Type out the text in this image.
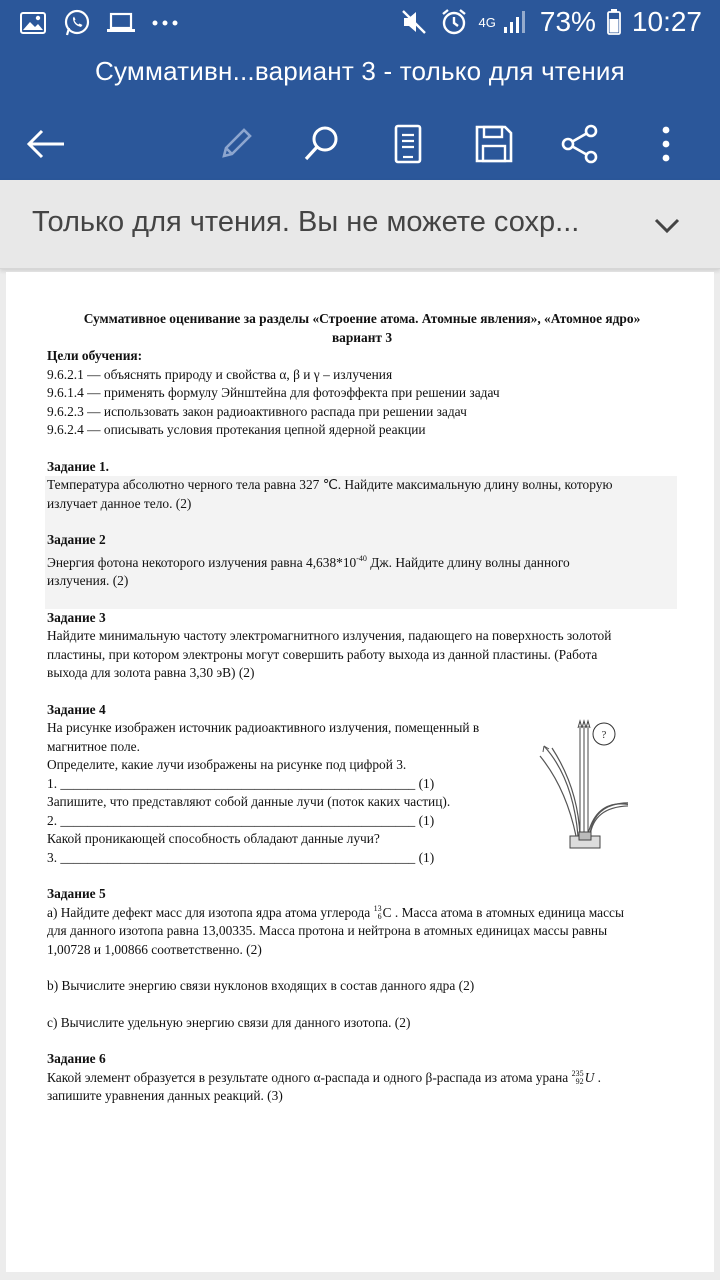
4G 73% 10:27
Суммативн...вариант 3 - только для чтения
Только для чтения. Вы не можете сохр...
Суммативное оценивание за разделы «Строение атома. Атомные явления», «Атомное ядро»
вариант 3
Цели обучения:
9.6.2.1 — объяснять природу и свойства α, β и γ – излучения
9.6.1.4 — применять формулу Эйнштейна для фотоэффекта при решении задач
9.6.2.3 — использовать закон радиоактивного распада при решении задач
9.6.2.4 — описывать условия протекания цепной ядерной реакции
Задание 1.
Температура абсолютно черного тела равна 327 ℃. Найдите максимальную длину волны, которую
излучает данное тело. (2)
Задание 2
Энергия фотона некоторого излучения равна $4,638*10^{-40}$ Дж. Найдите длину волны данного
излучения. (2)
Задание 3
Найдите минимальную частоту электромагнитного излучения, падающего на поверхность золотой
пластины, при котором электроны могут совершить работу выхода из данной пластины. (Работа
выхода для золота равна 3,30 эВ) (2)
Задание 4
На рисунке изображен источник радиоактивного излучения, помещенный в
магнитное поле.
Определите, какие лучи изображены на рисунке под цифрой 3.
1. _____________________________________________________ (1)
Запишите, что представляют собой данные лучи (поток каких частиц).
2. _____________________________________________________ (1)
Какой проникающей способность обладают данные лучи?
3. _____________________________________________________ (1)
Задание 5
a) Найдите дефект масс для изотопа ядра атома углерода 13
6C . Масса атома в атомных единица массы
для данного изотопа равна 13,00335. Масса протона и нейтрона в атомных единицах массы равны
1,00728 и 1,00866 соответственно. (2)
b) Вычислите энергию связи нуклонов входящих в состав данного ядра (2)
c) Вычислите удельную энергию связи для данного изотопа. (2)
Задание 6
Какой элемент образуется в результате одного α-распада и одного β-распада из атома урана 235
92U .
запишите уравнения данных реакций. (3)
?
